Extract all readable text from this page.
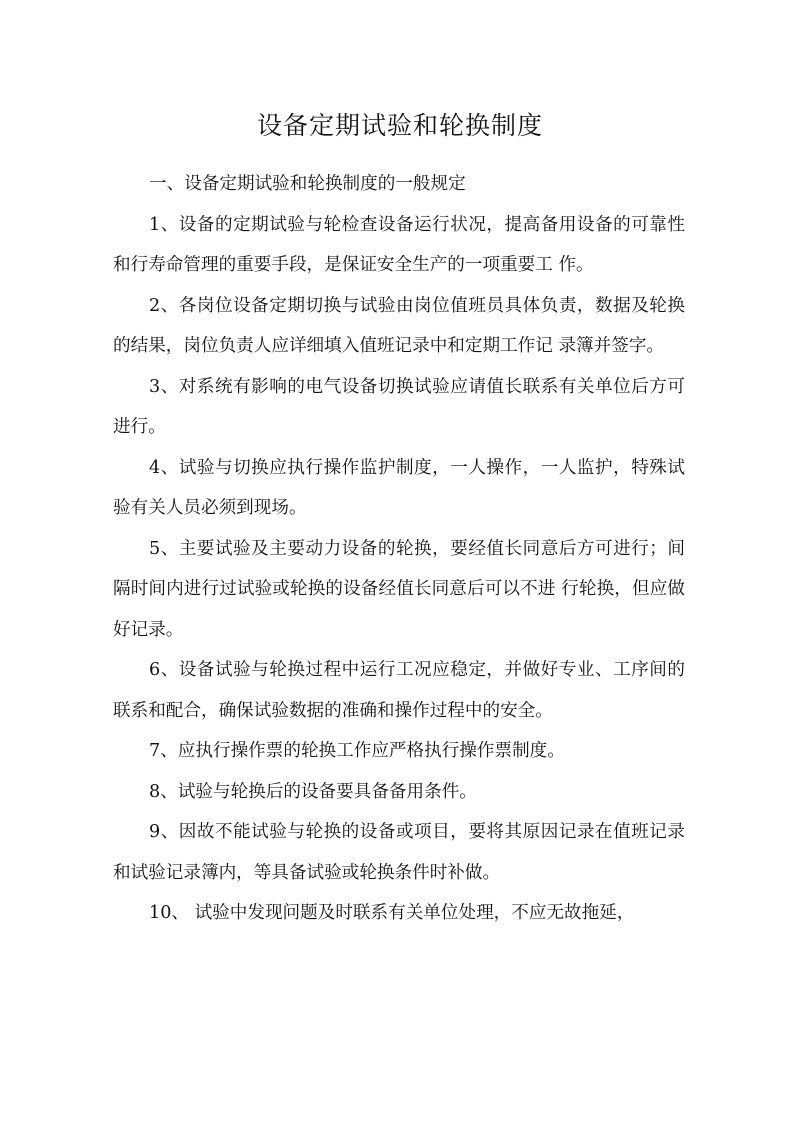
设备定期试验和轮换制度

一、设备定期试验和轮换制度的一般规定

1、设备的定期试验与轮检查设备运行状况，提高备用设备的可靠性和行寿命管理的重要手段，是保证安全生产的一项重要工 作。

2、各岗位设备定期切换与试验由岗位值班员具体负责，数据及轮换的结果，岗位负责人应详细填入值班记录中和定期工作记 录簿并签字。

3、对系统有影响的电气设备切换试验应请值长联系有关单位后方可进行。

4、试验与切换应执行操作监护制度，一人操作，一人监护，特殊试验有关人员必须到现场。

5、主要试验及主要动力设备的轮换，要经值长同意后方可进行；间隔时间内进行过试验或轮换的设备经值长同意后可以不进 行轮换，但应做好记录。

6、设备试验与轮换过程中运行工况应稳定，并做好专业、工序间的联系和配合，确保试验数据的准确和操作过程中的安全。

7、应执行操作票的轮换工作应严格执行操作票制度。

8、试验与轮换后的设备要具备备用条件。

9、因故不能试验与轮换的设备或项目，要将其原因记录在值班记录和试验记录簿内，等具备试验或轮换条件时补做。

10、 试验中发现问题及时联系有关单位处理，不应无故拖延，
